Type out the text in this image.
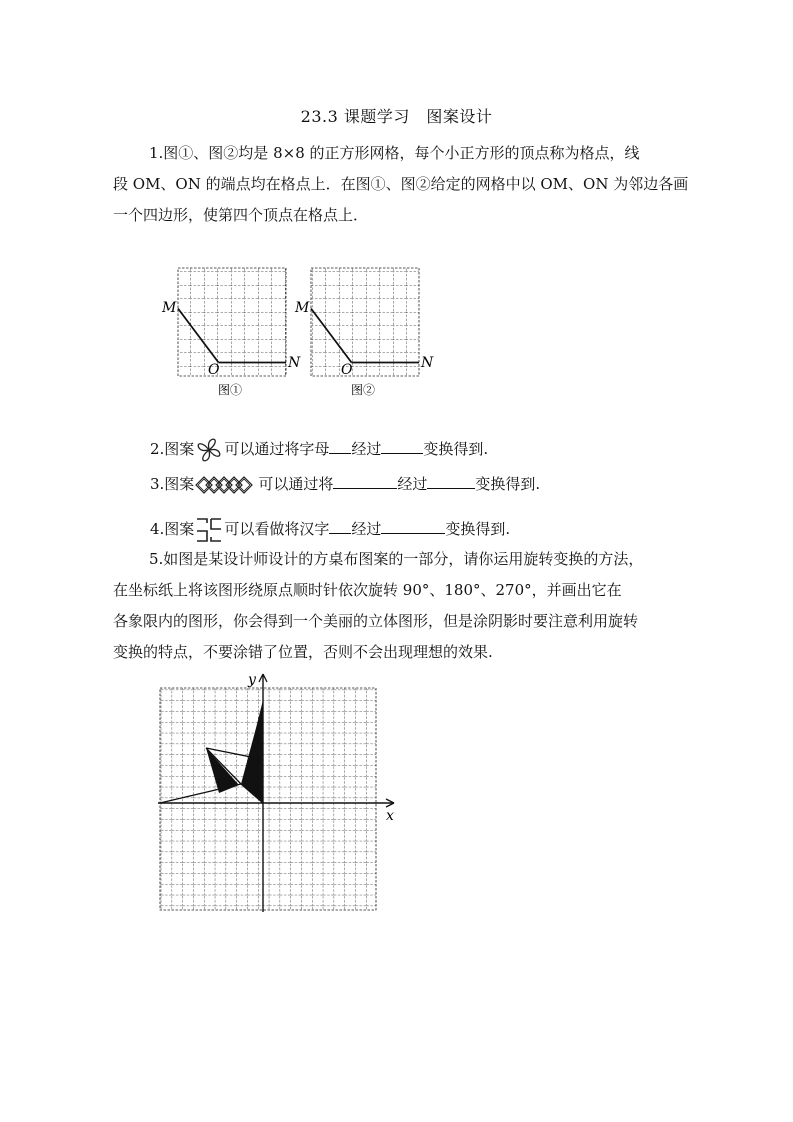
23.3 课题学习　图案设计
1.图①、图②均是 8×8 的正方形网格，每个小正方形的顶点称为格点，线
段 OM、ON 的端点均在格点上．在图①、图②给定的网格中以 OM、ON 为邻边各画
一个四边形，使第四个顶点在格点上．
M
O	N
图①
M
O	N
图②
2.图案 可以通过将字母 经过	变换得到.
3.图案	可以通过将	经过	变换得到.
4.图案 可以看做将汉字 经过	变换得到.
5.如图是某设计师设计的方桌布图案的一部分，请你运用旋转变换的方法，
在坐标纸上将该图形绕原点顺时针依次旋转 90°、180°、270°，并画出它在
各象限内的图形，你会得到一个美丽的立体图形，但是涂阴影时要注意利用旋转
变换的特点，不要涂错了位置，否则不会出现理想的效果.
x
y
